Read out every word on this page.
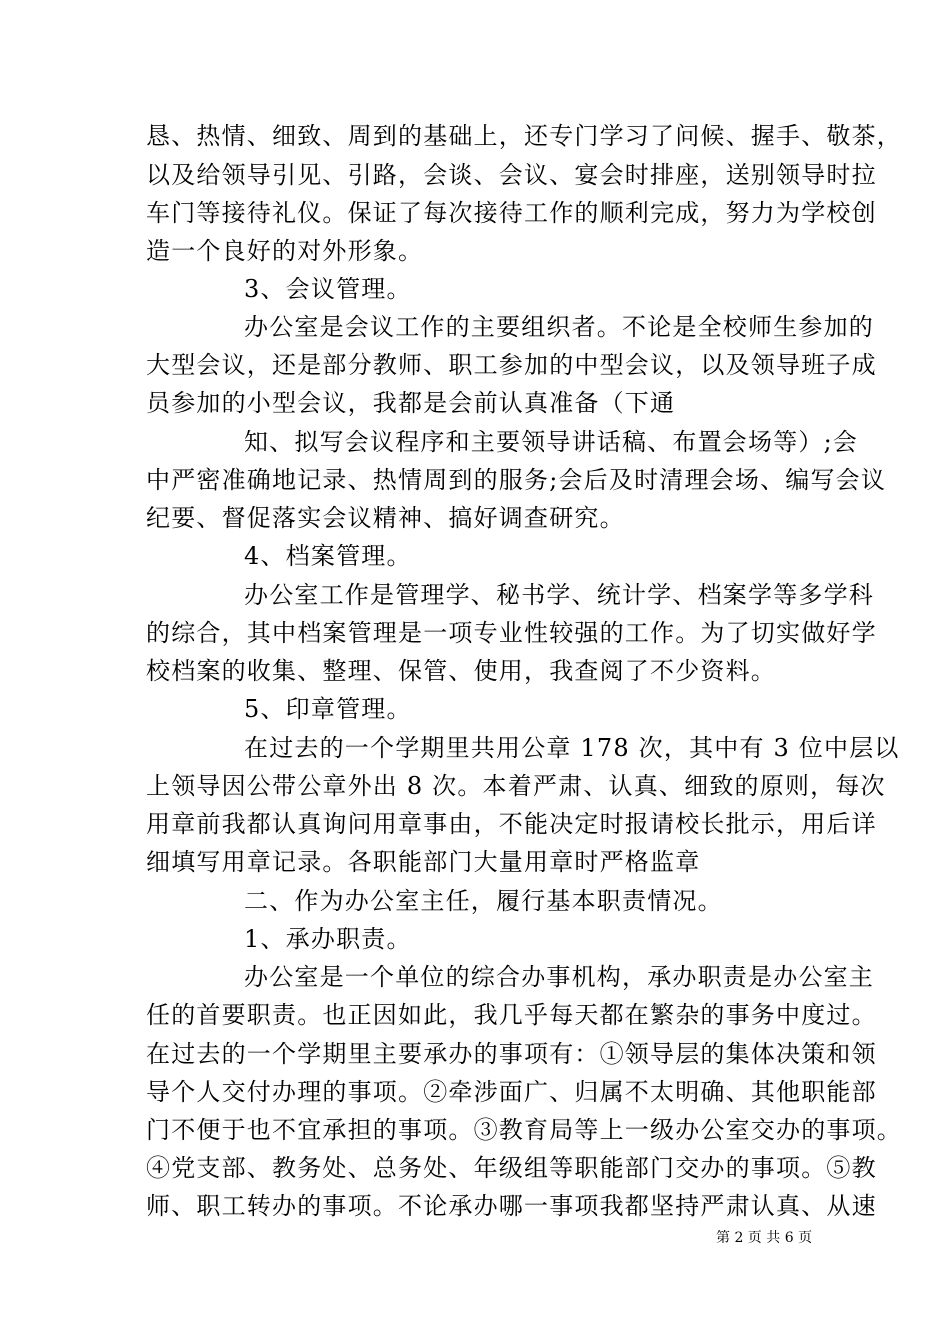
恳、热情、细致、周到的基础上，还专门学习了问候、握手、敬茶，
以及给领导引见、引路，会谈、会议、宴会时排座，送别领导时拉
车门等接待礼仪。保证了每次接待工作的顺利完成，努力为学校创
造一个良好的对外形象。
3、会议管理。
办公室是会议工作的主要组织者。不论是全校师生参加的
大型会议，还是部分教师、职工参加的中型会议，以及领导班子成
员参加的小型会议，我都是会前认真准备（下通
知、拟写会议程序和主要领导讲话稿、布置会场等）;会
中严密准确地记录、热情周到的服务;会后及时清理会场、编写会议
纪要、督促落实会议精神、搞好调查研究。
4、档案管理。
办公室工作是管理学、秘书学、统计学、档案学等多学科
的综合，其中档案管理是一项专业性较强的工作。为了切实做好学
校档案的收集、整理、保管、使用，我查阅了不少资料。
5、印章管理。
在过去的一个学期里共用公章 178 次，其中有 3 位中层以
上领导因公带公章外出 8 次。本着严肃、认真、细致的原则，每次
用章前我都认真询问用章事由，不能决定时报请校长批示，用后详
细填写用章记录。各职能部门大量用章时严格监章
二、作为办公室主任，履行基本职责情况。
1、承办职责。
办公室是一个单位的综合办事机构，承办职责是办公室主
任的首要职责。也正因如此，我几乎每天都在繁杂的事务中度过。
在过去的一个学期里主要承办的事项有：①领导层的集体决策和领
导个人交付办理的事项。②牵涉面广、归属不太明确、其他职能部
门不便于也不宜承担的事项。③教育局等上一级办公室交办的事项。
④党支部、教务处、总务处、年级组等职能部门交办的事项。⑤教
师、职工转办的事项。不论承办哪一事项我都坚持严肃认真、从速
第 2 页 共 6 页
